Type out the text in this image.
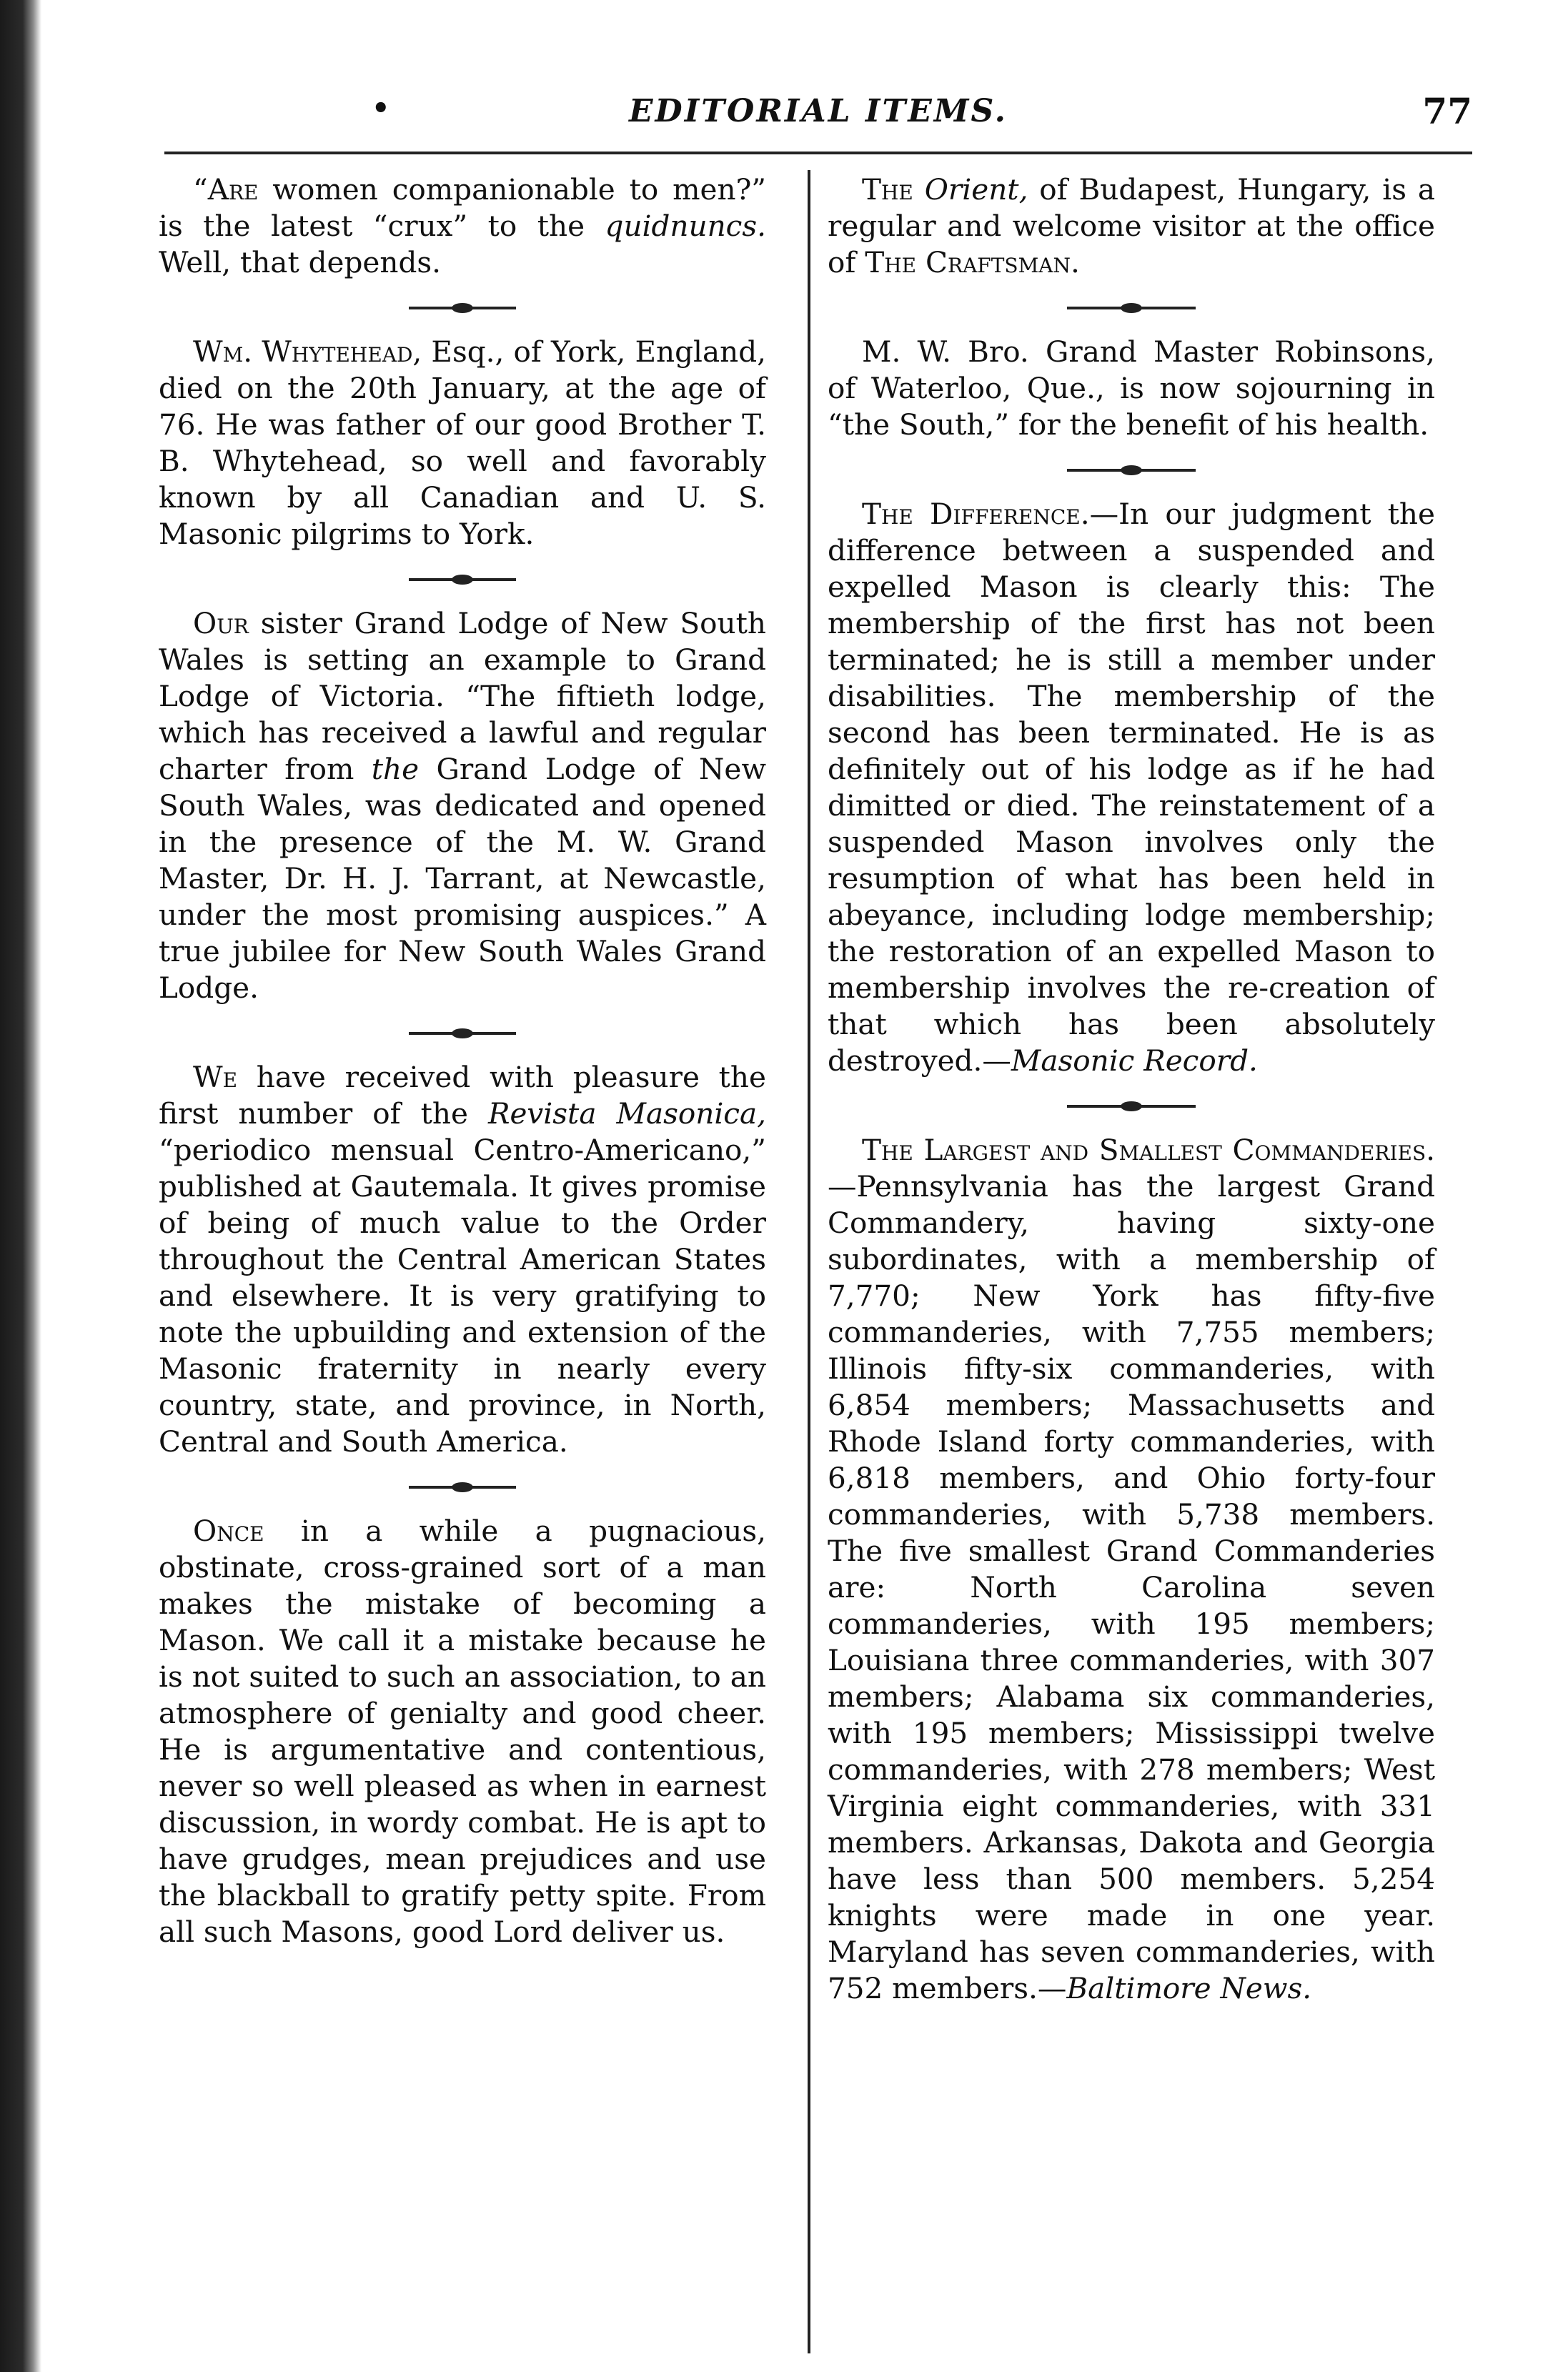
•	EDITORIAL ITEMS.	77

“Are women companionable to men?” is the latest “crux” to the quidnuncs. Well, that depends.

Wm. Whytehead, Esq., of York, England, died on the 20th January, at the age of 76. He was father of our good Brother T. B. Whytehead, so well and favorably known by all Canadian and U. S. Masonic pilgrims to York.

Our sister Grand Lodge of New South Wales is setting an example to Grand Lodge of Victoria. “The fiftieth lodge, which has received a lawful and regular charter from the Grand Lodge of New South Wales, was dedicated and opened in the presence of the M. W. Grand Master, Dr. H. J. Tarrant, at Newcastle, under the most promising auspices.” A true jubilee for New South Wales Grand Lodge.

We have received with pleasure the first number of the Revista Masonica, “periodico mensual Centro-Americano,” published at Gautemala. It gives promise of being of much value to the Order throughout the Central American States and elsewhere. It is very gratifying to note the upbuilding and extension of the Masonic fraternity in nearly every country, state, and province, in North, Central and South America.

Once in a while a pugnacious, obstinate, cross-grained sort of a man makes the mistake of becoming a Mason. We call it a mistake because he is not suited to such an association, to an atmosphere of genialty and good cheer. He is argumentative and contentious, never so well pleased as when in earnest discussion, in wordy combat. He is apt to have grudges, mean prejudices and use the blackball to gratify petty spite. From all such Masons, good Lord deliver us.

The Orient, of Budapest, Hungary, is a regular and welcome visitor at the office of The Craftsman.

M. W. Bro. Grand Master Robinsons, of Waterloo, Que., is now sojourning in “the South,” for the benefit of his health.

The Difference.—In our judgment the difference between a suspended and expelled Mason is clearly this: The membership of the first has not been terminated; he is still a member under disabilities. The membership of the second has been terminated. He is as definitely out of his lodge as if he had dimitted or died. The reinstatement of a suspended Mason involves only the resumption of what has been held in abeyance, including lodge membership; the restoration of an expelled Mason to membership involves the re-creation of that which has been absolutely destroyed.—Masonic Record.

The Largest and Smallest Commanderies.—Pennsylvania has the largest Grand Commandery, having sixty-one subordinates, with a membership of 7,770; New York has fifty-five commanderies, with 7,755 members; Illinois fifty-six commanderies, with 6,854 members; Massachusetts and Rhode Island forty commanderies, with 6,818 members, and Ohio forty-four commanderies, with 5,738 members. The five smallest Grand Commanderies are: North Carolina seven commanderies, with 195 members; Louisiana three commanderies, with 307 members; Alabama six commanderies, with 195 members; Mississippi twelve commanderies, with 278 members; West Virginia eight commanderies, with 331 members. Arkansas, Dakota and Georgia have less than 500 members. 5,254 knights were made in one year. Maryland has seven commanderies, with 752 members.—Baltimore News.
